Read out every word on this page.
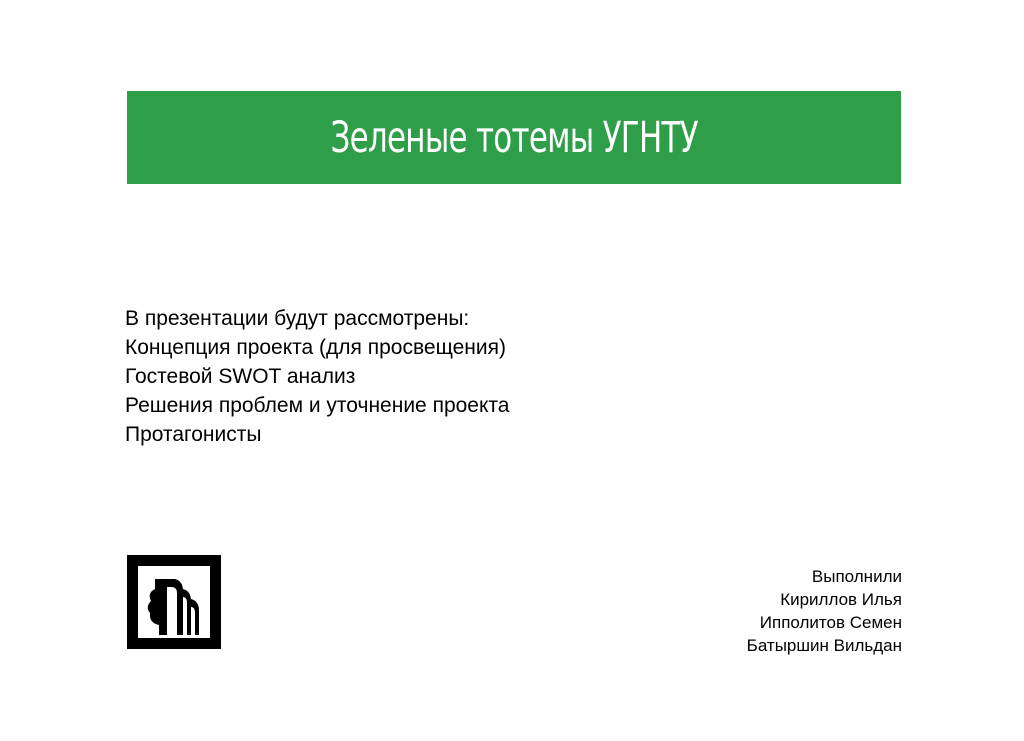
Зеленые тотемы УГНТУ
В презентации будут рассмотрены:
Концепция проекта (для просвещения)
Гостевой SWOT анализ
Решения проблем и уточнение проекта
Протагонисты
Выполнили
Кириллов Илья
Ипполитов Семен
Батыршин Вильдан
